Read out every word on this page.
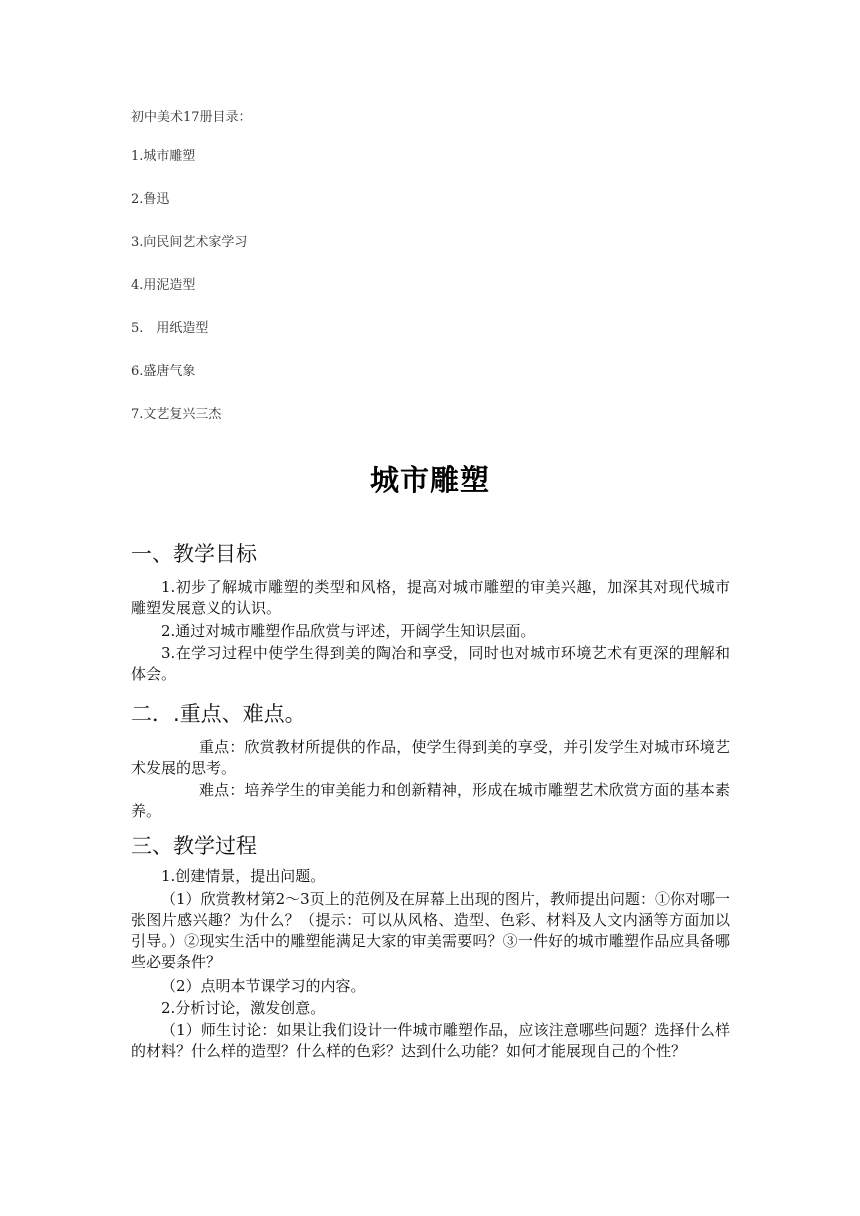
初中美术17册目录：
1.城市雕塑
2.鲁迅
3.向民间艺术家学习
4.用泥造型
5.　用纸造型
6.盛唐气象
7.文艺复兴三杰
城市雕塑
一、教学目标

1.初步了解城市雕塑的类型和风格，提高对城市雕塑的审美兴趣，加深其对现代城市雕塑发展意义的认识。

2.通过对城市雕塑作品欣赏与评述，开阔学生知识层面。

3.在学习过程中使学生得到美的陶冶和享受，同时也对城市环境艺术有更深的理解和体会。

二．.重点、难点。

重点：欣赏教材所提供的作品，使学生得到美的享受，并引发学生对城市环境艺术发展的思考。

难点：培养学生的审美能力和创新精神，形成在城市雕塑艺术欣赏方面的基本素养。

三、教学过程

1.创建情景，提出问题。

（1）欣赏教材第2～3页上的范例及在屏幕上出现的图片，教师提出问题：①你对哪一张图片感兴趣？为什么？（提示：可以从风格、造型、色彩、材料及人文内涵等方面加以引导。）②现实生活中的雕塑能满足大家的审美需要吗？③一件好的城市雕塑作品应具备哪些必要条件？

（2）点明本节课学习的内容。

2.分析讨论，激发创意。

（1）师生讨论：如果让我们设计一件城市雕塑作品，应该注意哪些问题？选择什么样的材料？什么样的造型？什么样的色彩？达到什么功能？如何才能展现自己的个性？
